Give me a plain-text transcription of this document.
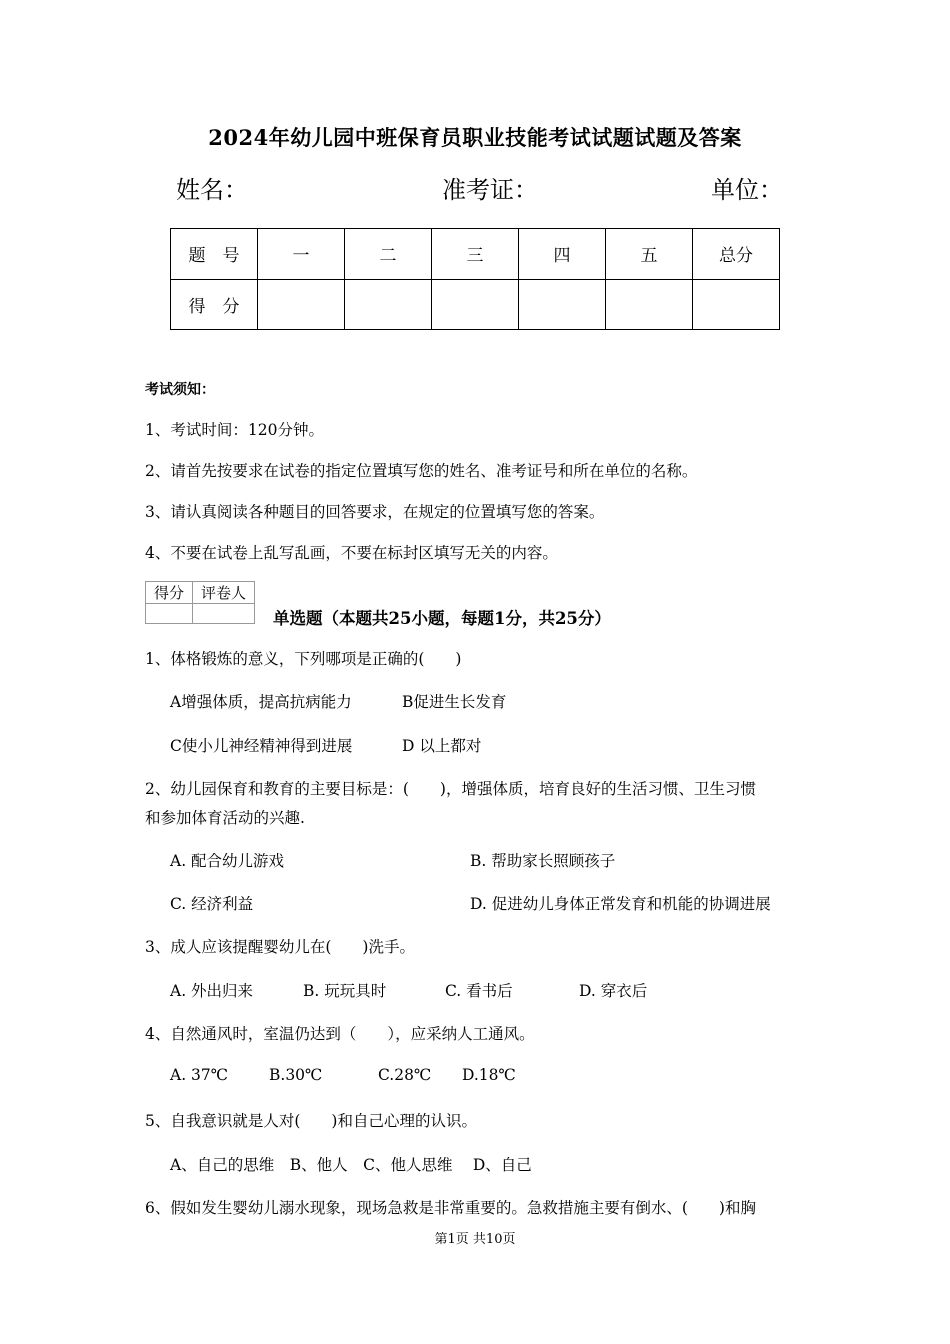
2024年幼儿园中班保育员职业技能考试试题试题及答案
姓名：	准考证：	单位：
题　号	一	二	三	四	五	总分
得　分						
考试须知：
1、考试时间：120分钟。
2、请首先按要求在试卷的指定位置填写您的姓名、准考证号和所在单位的名称。
3、请认真阅读各种题目的回答要求，在规定的位置填写您的答案。
4、不要在试卷上乱写乱画，不要在标封区填写无关的内容。
得分	评卷人

单选题（本题共25小题，每题1分，共25分）
1、体格锻炼的意义，下列哪项是正确的(　　)
A增强体质，提高抗病能力	B促进生长发育
C使小儿神经精神得到进展	D 以上都对
2、幼儿园保育和教育的主要目标是：(　　)，增强体质，培育良好的生活习惯、卫生习惯
和参加体育活动的兴趣.
A. 配合幼儿游戏	B. 帮助家长照顾孩子
C. 经济利益	D. 促进幼儿身体正常发育和机能的协调进展
3、成人应该提醒婴幼儿在(　　)洗手。
A. 外出归来	B. 玩玩具时	C. 看书后	D. 穿衣后
4、自然通风时，室温仍达到（　　），应采纳人工通风。
A. 37℃	B.30℃	C.28℃ D.18℃
5、自我意识就是人对(　　)和自己心理的认识。
A、自己的思维　B、他人　C、他人思维　 D、自己
6、假如发生婴幼儿溺水现象，现场急救是非常重要的。急救措施主要有倒水、(　　)和胸
第1页 共10页
